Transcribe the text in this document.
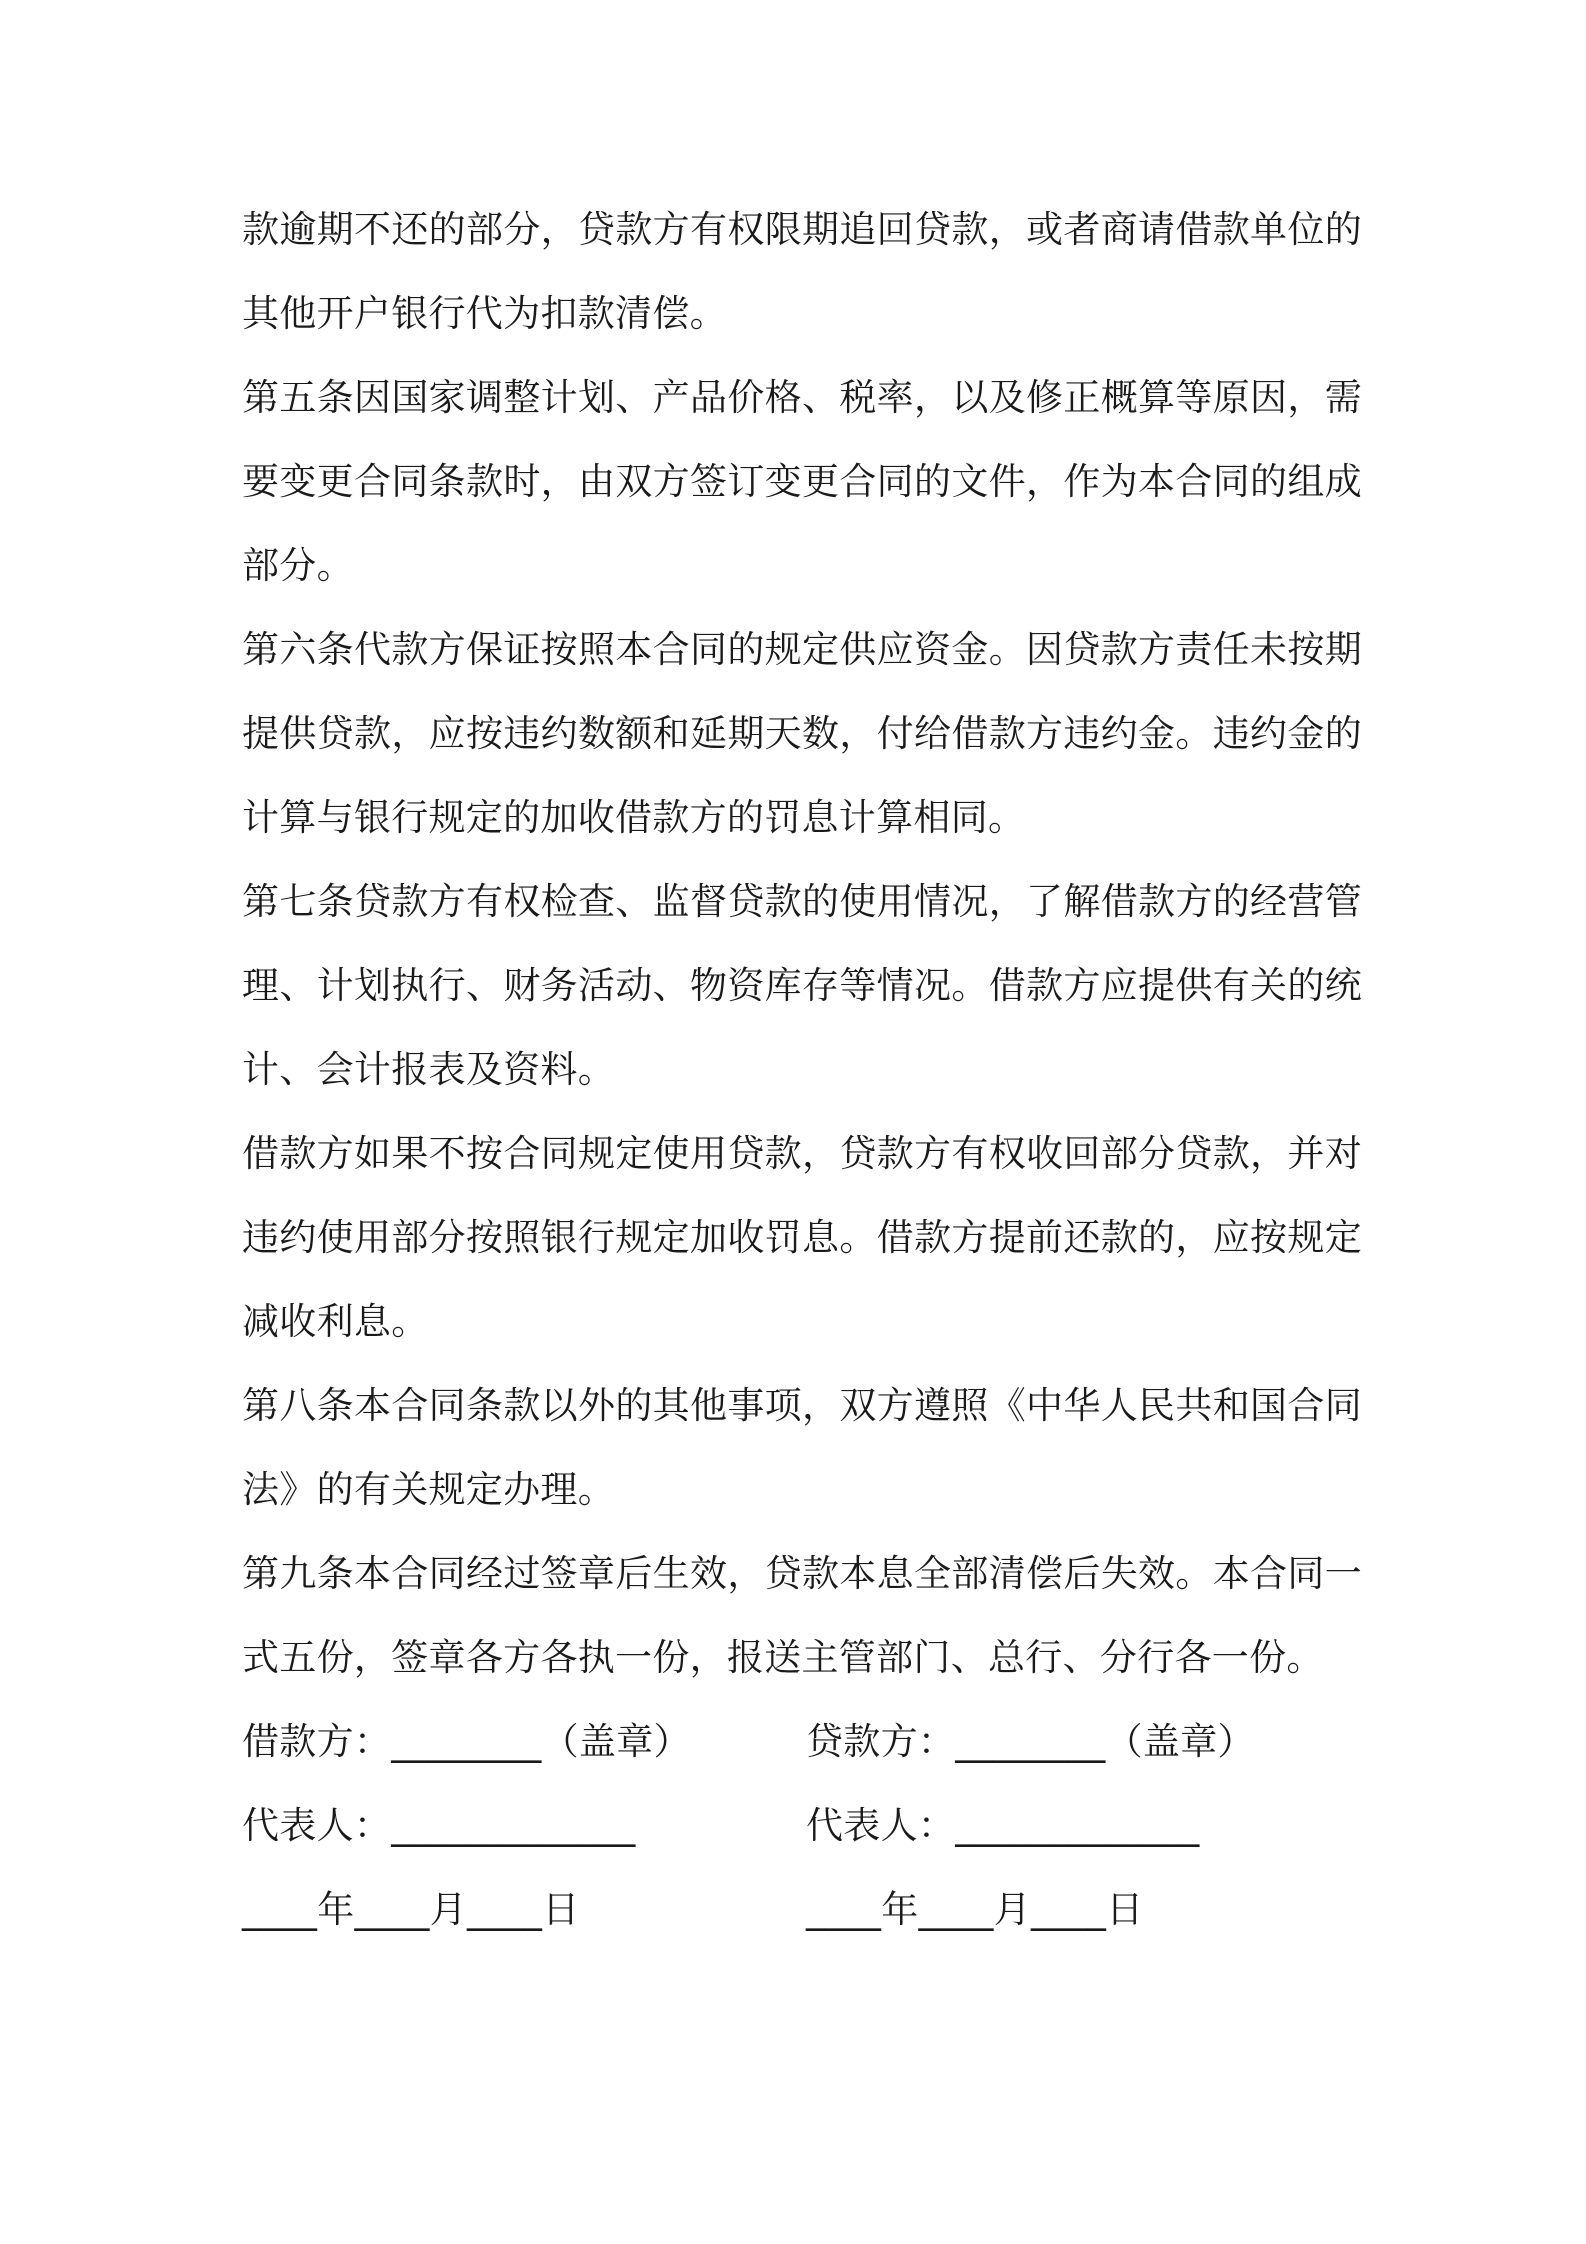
款逾期不还的部分，贷款方有权限期追回贷款，或者商请借款单位的其他开户银行代为扣款清偿。

第五条因国家调整计划、产品价格、税率，以及修正概算等原因，需要变更合同条款时，由双方签订变更合同的文件，作为本合同的组成部分。

第六条代款方保证按照本合同的规定供应资金。因贷款方责任未按期提供贷款，应按违约数额和延期天数，付给借款方违约金。违约金的计算与银行规定的加收借款方的罚息计算相同。

第七条贷款方有权检查、监督贷款的使用情况，了解借款方的经营管理、计划执行、财务活动、物资库存等情况。借款方应提供有关的统计、会计报表及资料。

借款方如果不按合同规定使用贷款，贷款方有权收回部分贷款，并对违约使用部分按照银行规定加收罚息。借款方提前还款的，应按规定减收利息。

第八条本合同条款以外的其他事项，双方遵照《中华人民共和国合同法》的有关规定办理。

第九条本合同经过签章后生效，贷款本息全部清偿后失效。本合同一式五份，签章各方各执一份，报送主管部门、总行、分行各一份。

借款方：________（盖章）	贷款方：________（盖章）
代表人：_____________	代表人：_____________
____年____月____日	____年____月____日
